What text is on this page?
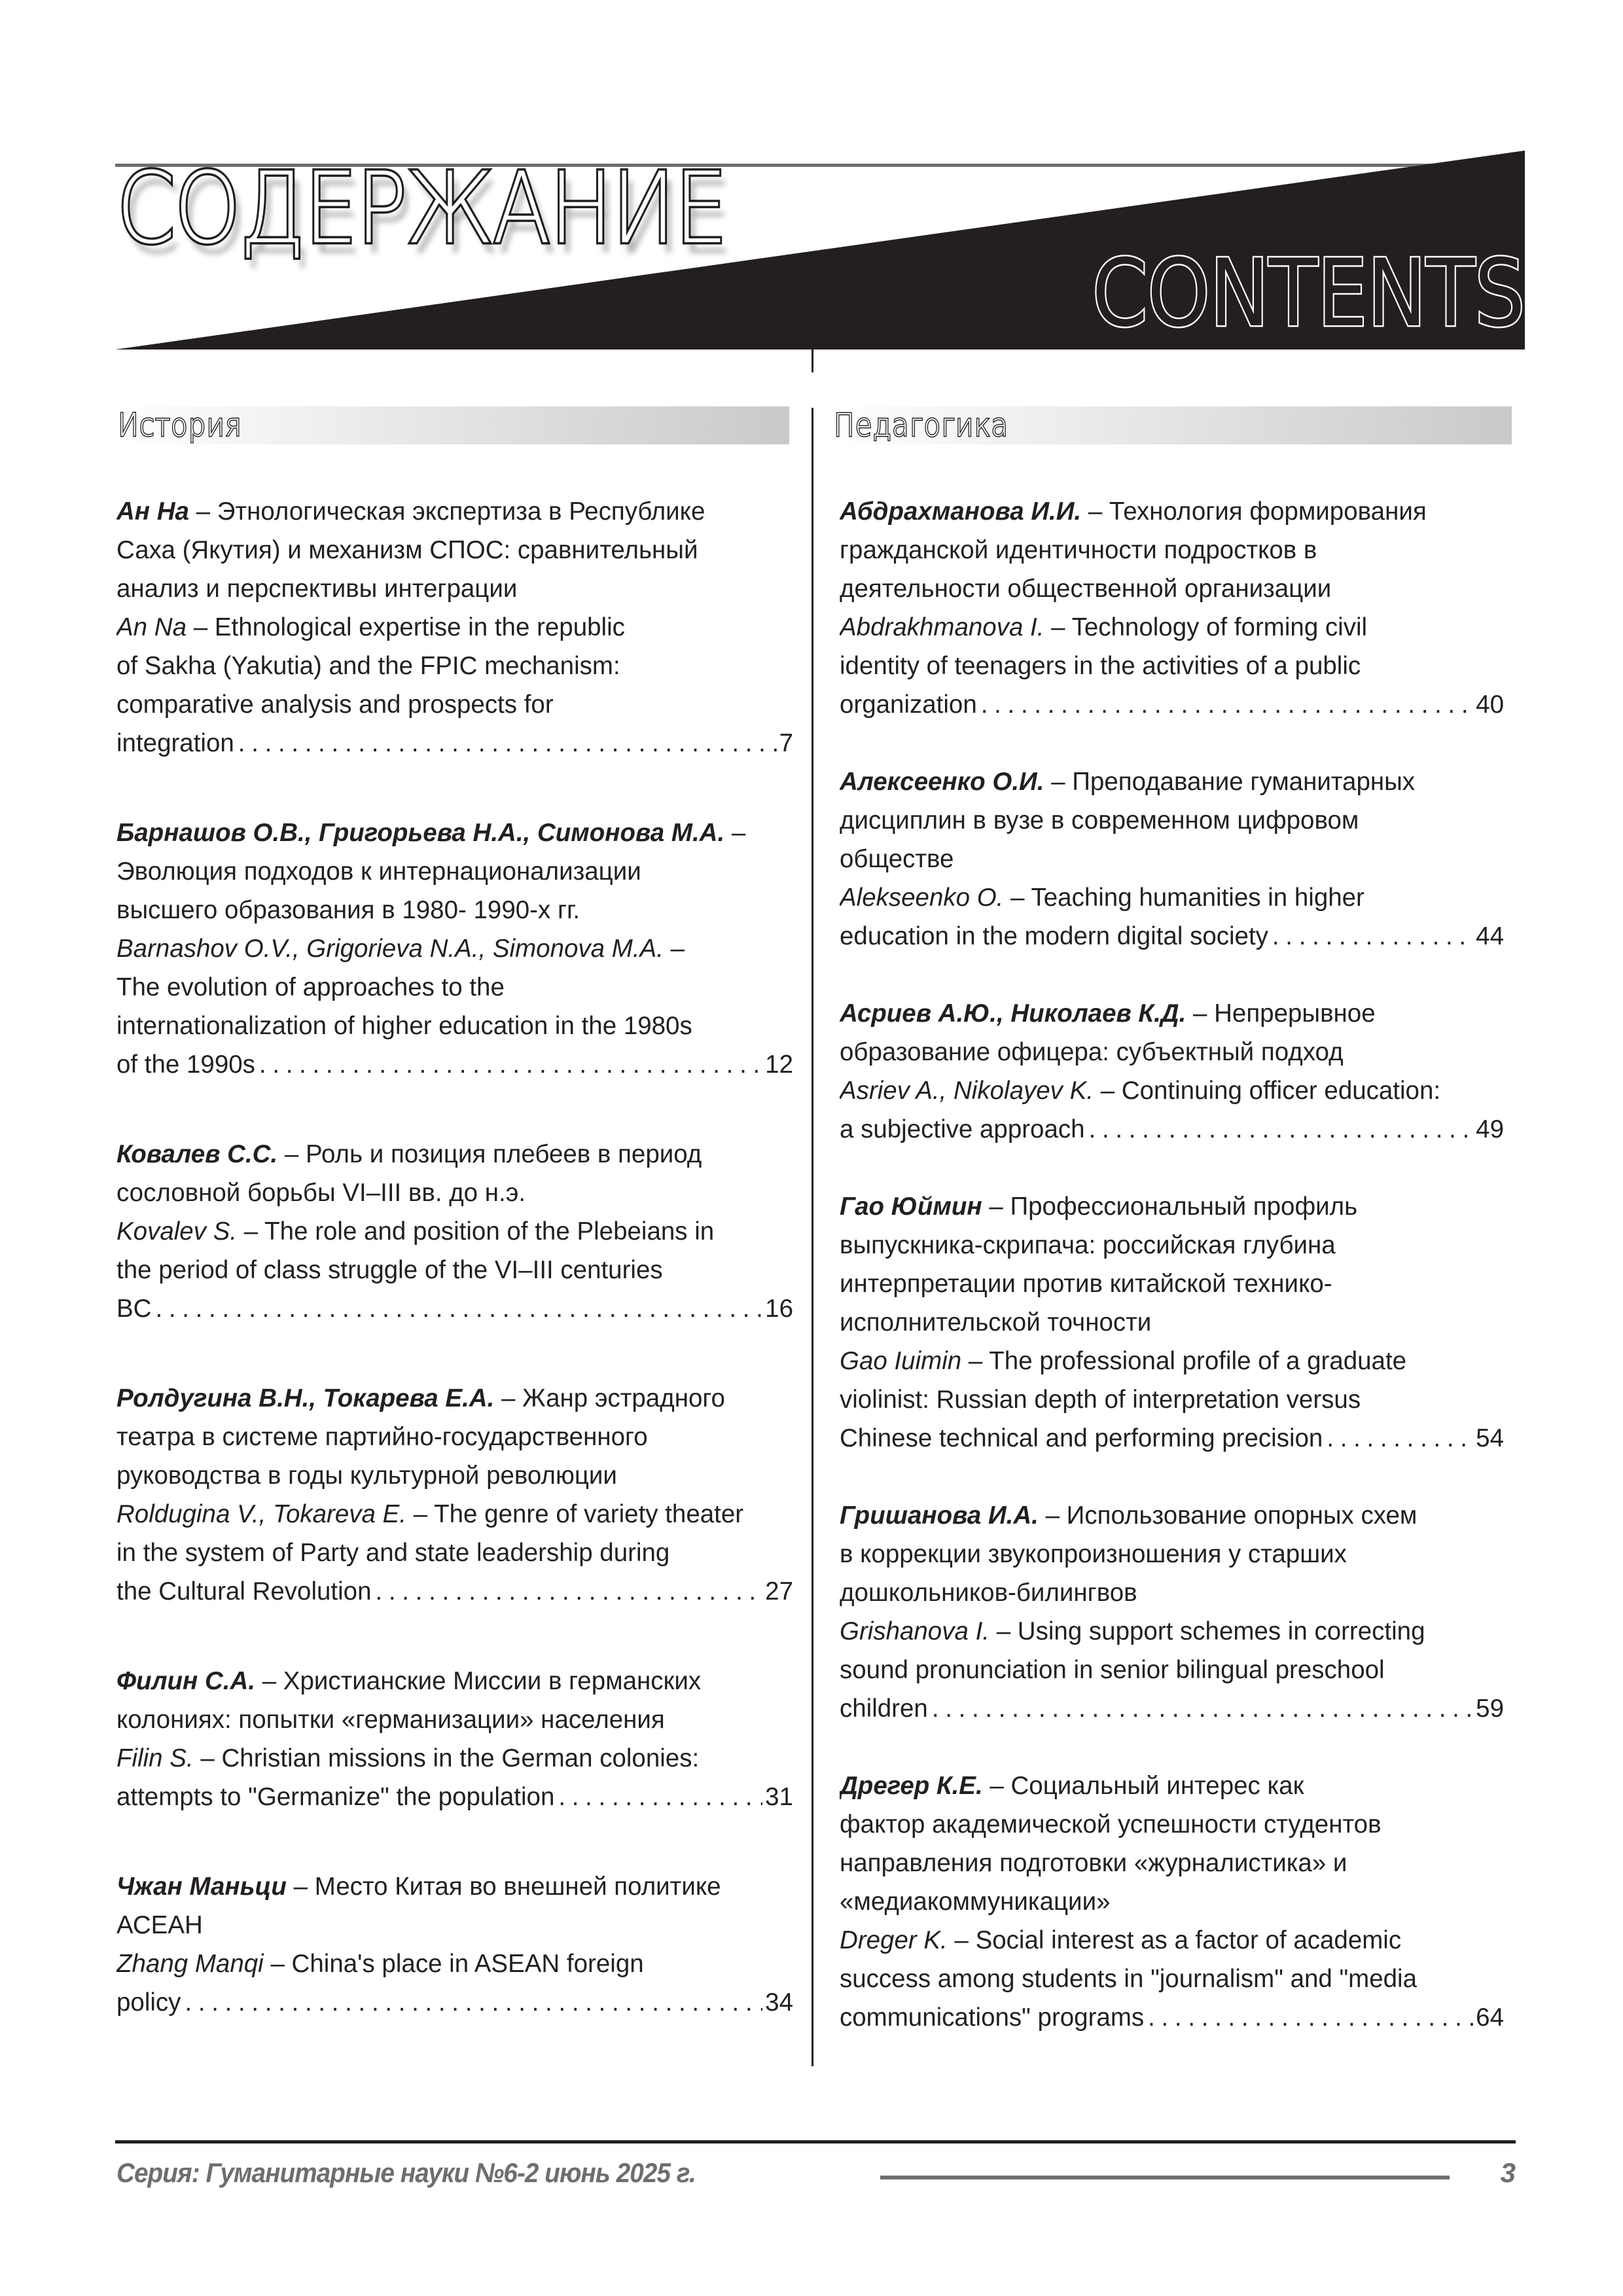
СОДЕРЖАНИЕ
CONTENTS
История	Педагогика
Ан На – Этнологическая экспертиза в Республике
Саха (Якутия) и механизм СПОС: сравнительный
анализ и перспективы интеграции
An Na – Ethnological expertise in the republic
of Sakha (Yakutia) and the FPIC mechanism:
comparative analysis and prospects for
integration . . .	7
Барнашов О.В., Григорьева Н.А., Симонова М.А. –
Эволюция подходов к интернационализации
высшего образования в 1980- 1990-х гг.
Barnashov O.V., Grigorieva N.A., Simonova M.A. –
The evolution of approaches to the
internationalization of higher education in the 1980s
of the 1990s . . .	12
Ковалев С.С. – Роль и позиция плебеев в период
сословной борьбы VI–III вв. до н.э.
Kovalev S. – The role and position of the Plebeians in
the period of class struggle of the VI–III centuries
BC . . .	16
Ролдугина В.Н., Токарева Е.А. – Жанр эстрадного
театра в системе партийно-государственного
руководства в годы культурной революции
Roldugina V., Tokareva E. – The genre of variety theater
in the system of Party and state leadership during
the Cultural Revolution . . .	27
Филин С.А. – Христианские Миссии в германских
колониях: попытки «германизации» населения
Filin S. – Christian missions in the German colonies:
attempts to "Germanize" the population . . .	31
Чжан Маньци – Место Китая во внешней политике
АСЕАН
Zhang Manqi – China's place in ASEAN foreign
policy . . .	34
Абдрахманова И.И. – Технология формирования
гражданской идентичности подростков в
деятельности общественной организации
Abdrakhmanova I. – Technology of forming civil
identity of teenagers in the activities of a public
organization . . .	40
Алексеенко О.И. – Преподавание гуманитарных
дисциплин в вузе в современном цифровом
обществе
Alekseenko O. – Teaching humanities in higher
education in the modern digital society . . .	44
Асриев А.Ю., Николаев К.Д. – Непрерывное
образование офицера: субъектный подход
Asriev A., Nikolayev K. – Continuing officer education:
a subjective approach . . .	49
Гао Юймин – Профессиональный профиль
выпускника-скрипача: российская глубина
интерпретации против китайской технико-
исполнительской точности
Gao Iuimin – The professional profile of a graduate
violinist: Russian depth of interpretation versus
Chinese technical and performing precision . . .	54
Гришанова И.А. – Использование опорных схем
в коррекции звукопроизношения у старших
дошкольников-билингвов
Grishanova I. – Using support schemes in correcting
sound pronunciation in senior bilingual preschool
children . . .	59
Дрегер К.Е. – Социальный интерес как
фактор академической успешности студентов
направления подготовки «журналистика» и
«медиакоммуникации»
Dreger K. – Social interest as a factor of academic
success among students in "journalism" and "media
communications" programs . . .	64
Серия: Гуманитарные науки №6-2 июнь 2025 г.	3
